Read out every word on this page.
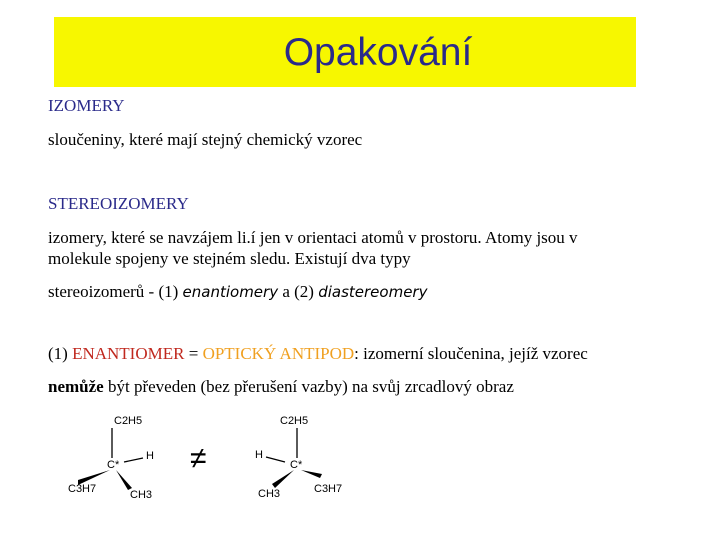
Opakování
IZOMERY
sloučeniny, které mají stejný chemický vzorec
STEREOIZOMERY
izomery, které se navzájem li.í jen v orientaci atomů v prostoru. Atomy jsou v
molekule spojeny ve stejném sledu. Existují dva typy
stereoizomerů - (1) enantiomery a (2) diastereomery
(1) ENANTIOMER = OPTICKÝ ANTIPOD: izomerní sloučenina, jejíž vzorec
nemůže být převeden (bez přerušení vazby) na svůj zrcadlový obraz
C2H5
C*
H
C3H7	CH3
≠
C2H5
C*
H
CH3	C3H7
